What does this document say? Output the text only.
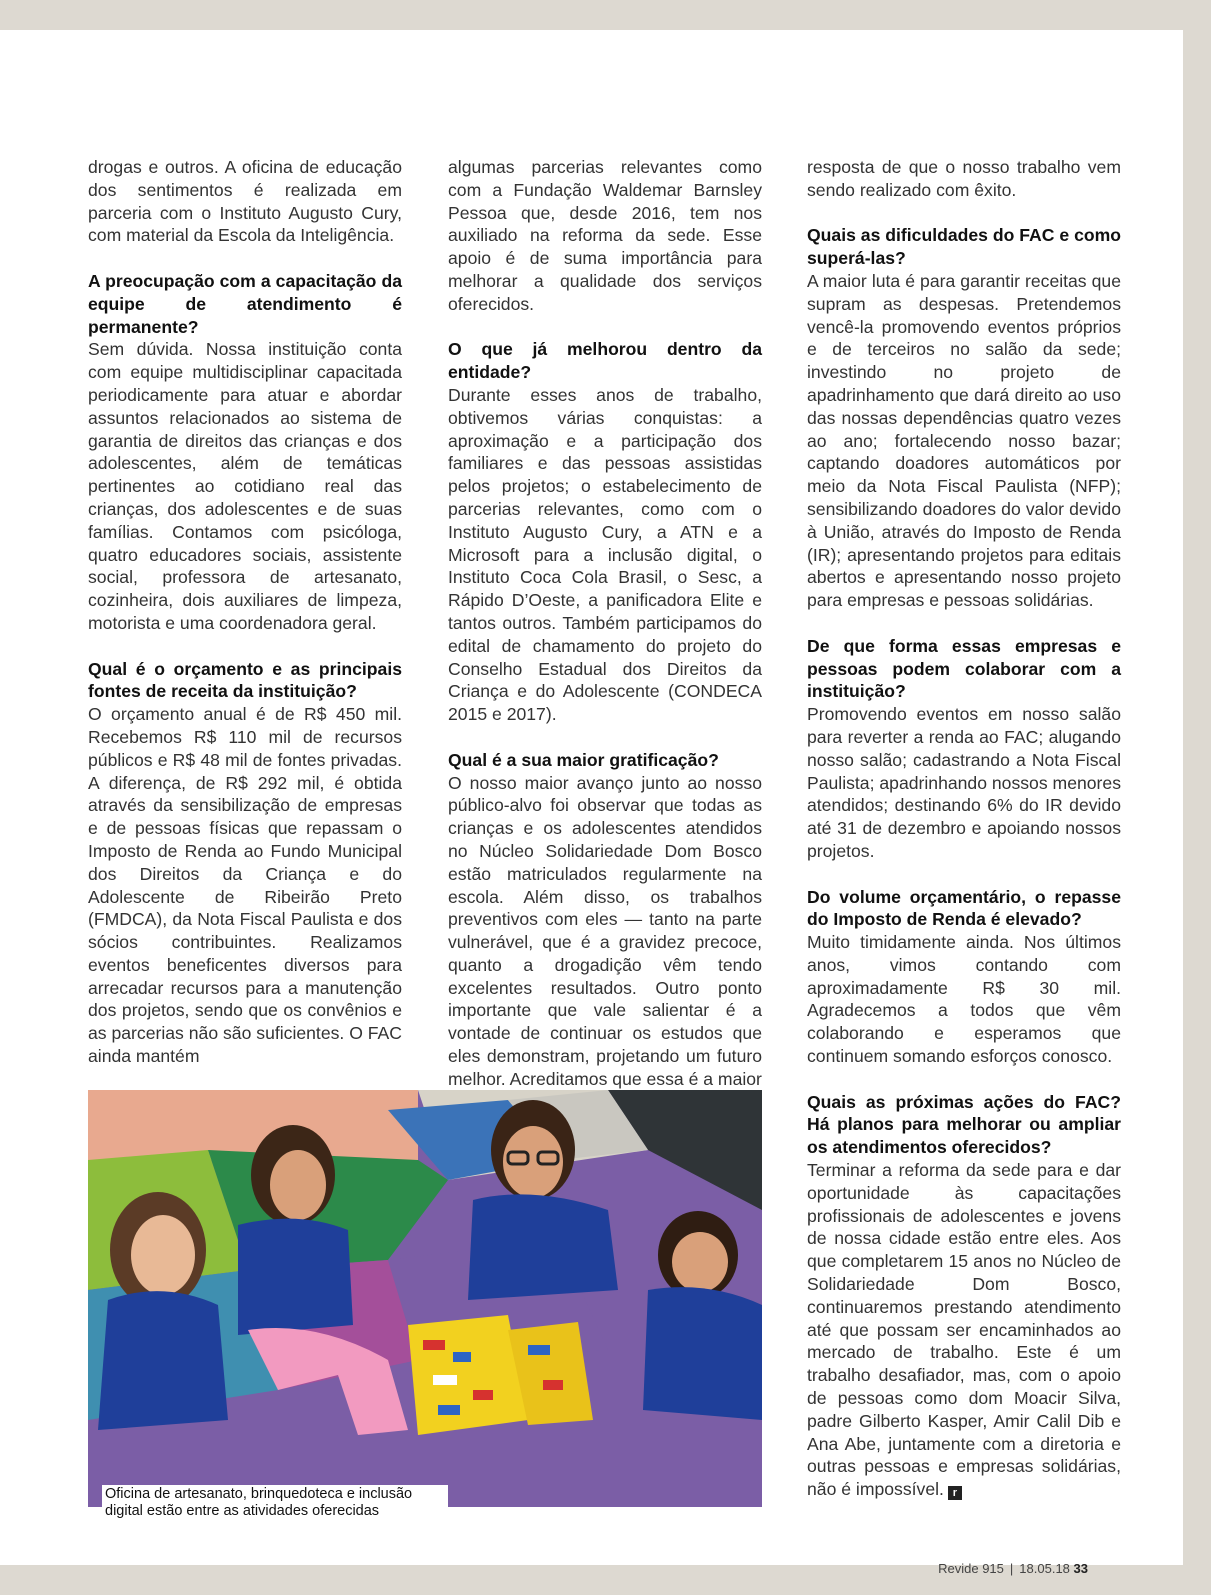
drogas e outros. A oficina de educação dos sentimentos é realizada em parceria com o Instituto Augusto Cury, com material da Escola da Inteligência.

A preocupação com a capacitação da equipe de atendimento é permanente?

Sem dúvida. Nossa instituição conta com equipe multidisciplinar capacitada periodicamente para atuar e abordar assuntos relacionados ao sistema de garantia de direitos das crianças e dos adolescentes, além de temáticas pertinentes ao cotidiano real das crianças, dos adolescentes e de suas famílias. Contamos com psicóloga, quatro educadores sociais, assistente social, professora de artesanato, cozinheira, dois auxiliares de limpeza, motorista e uma coordenadora geral.

Qual é o orçamento e as principais fontes de receita da instituição?

O orçamento anual é de R$ 450 mil. Recebemos R$ 110 mil de recursos públicos e R$ 48 mil de fontes privadas. A diferença, de R$ 292 mil, é obtida através da sensibilização de empresas e de pessoas físicas que repassam o Imposto de Renda ao Fundo Municipal dos Direitos da Criança e do Adolescente de Ribeirão Preto (FMDCA), da Nota Fiscal Paulista e dos sócios contribuintes. Realizamos eventos beneficentes diversos para arrecadar recursos para a manutenção dos projetos, sendo que os convênios e as parcerias não são suficientes. O FAC ainda mantém

algumas parcerias relevantes como com a Fundação Waldemar Barnsley Pessoa que, desde 2016, tem nos auxiliado na reforma da sede. Esse apoio é de suma importância para melhorar a qualidade dos serviços oferecidos.

O que já melhorou dentro da entidade?

Durante esses anos de trabalho, obtivemos várias conquistas: a aproximação e a participação dos familiares e das pessoas assistidas pelos projetos; o estabelecimento de parcerias relevantes, como com o Instituto Augusto Cury, a ATN e a Microsoft para a inclusão digital, o Instituto Coca Cola Brasil, o Sesc, a Rápido D’Oeste, a panificadora Elite e tantos outros. Também participamos do edital de chamamento do projeto do Conselho Estadual dos Direitos da Criança e do Adolescente (CONDECA 2015 e 2017).

Qual é a sua maior gratificação?

O nosso maior avanço junto ao nosso público-alvo foi observar que todas as crianças e os adolescentes atendidos no Núcleo Solidariedade Dom Bosco estão matriculados regularmente na escola. Além disso, os trabalhos preventivos com eles — tanto na parte vulnerável, que é a gravidez precoce, quanto a drogadição vêm tendo excelentes resultados. Outro ponto importante que vale salientar é a vontade de continuar os estudos que eles demonstram, projetando um futuro melhor. Acreditamos que essa é a maior

resposta de que o nosso trabalho vem sendo realizado com êxito.

Quais as dificuldades do FAC e como superá-las?

A maior luta é para garantir receitas que supram as despesas. Pretendemos vencê-la promovendo eventos próprios e de terceiros no salão da sede; investindo no projeto de apadrinhamento que dará direito ao uso das nossas dependências quatro vezes ao ano; fortalecendo nosso bazar; captando doadores automáticos por meio da Nota Fiscal Paulista (NFP); sensibilizando doadores do valor devido à União, através do Imposto de Renda (IR); apresentando projetos para editais abertos e apresentando nosso projeto para empresas e pessoas solidárias.

De que forma essas empresas e pessoas podem colaborar com a instituição?

Promovendo eventos em nosso salão para reverter a renda ao FAC; alugando nosso salão; cadastrando a Nota Fiscal Paulista; apadrinhando nossos menores atendidos; destinando 6% do IR devido até 31 de dezembro e apoiando nossos projetos.

Do volume orçamentário, o repasse do Imposto de Renda é elevado?

Muito timidamente ainda. Nos últimos anos, vimos contando com aproximadamente R$ 30 mil. Agradecemos a todos que vêm colaborando e esperamos que continuem somando esforços conosco.

Quais as próximas ações do FAC? Há planos para melhorar ou ampliar os atendimentos oferecidos?

Terminar a reforma da sede para e dar oportunidade às capacitações profissionais de adolescentes e jovens de nossa cidade estão entre eles. Aos que completarem 15 anos no Núcleo de Solidariedade Dom Bosco, continuaremos prestando atendimento até que possam ser encaminhados ao mercado de trabalho. Este é um trabalho desafiador, mas, com o apoio de pessoas como dom Moacir Silva, padre Gilberto Kasper, Amir Calil Dib e Ana Abe, juntamente com a diretoria e outras pessoas e empresas solidárias, não é impossível. r

Oficina de artesanato, brinquedoteca e inclusão digital estão entre as atividades oferecidas

Revide 915 | 18.05.18 33
